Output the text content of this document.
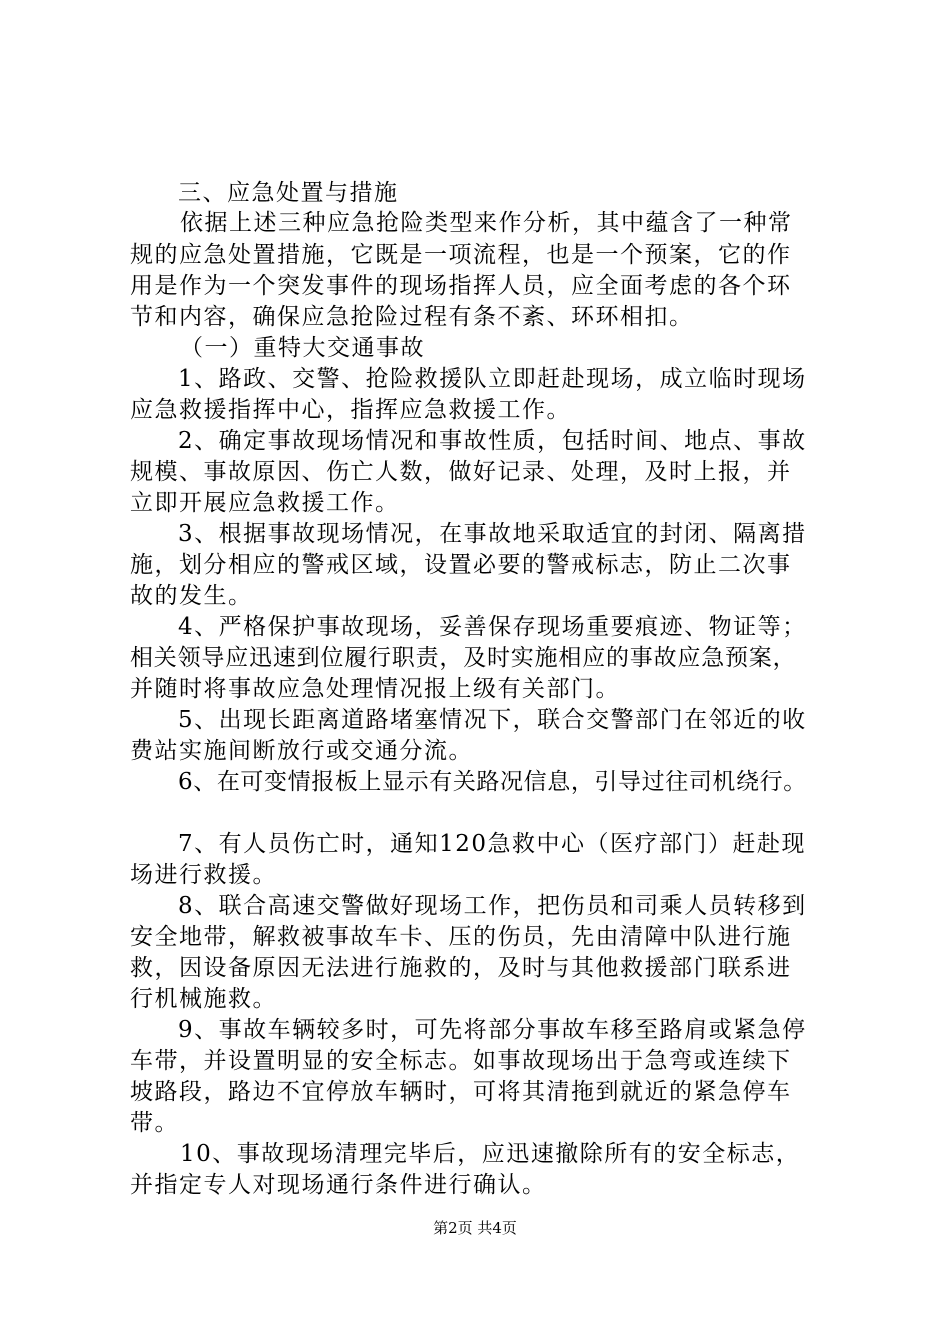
三、应急处置与措施
依据上述三种应急抢险类型来作分析，其中蕴含了一种常
规的应急处置措施，它既是一项流程，也是一个预案，它的作
用是作为一个突发事件的现场指挥人员，应全面考虑的各个环
节和内容，确保应急抢险过程有条不紊、环环相扣。
（一）重特大交通事故
1、路政、交警、抢险救援队立即赶赴现场，成立临时现场
应急救援指挥中心，指挥应急救援工作。
2、确定事故现场情况和事故性质，包括时间、地点、事故
规模、事故原因、伤亡人数，做好记录、处理，及时上报，并
立即开展应急救援工作。
3、根据事故现场情况，在事故地采取适宜的封闭、隔离措
施，划分相应的警戒区域，设置必要的警戒标志，防止二次事
故的发生。
4、严格保护事故现场，妥善保存现场重要痕迹、物证等；
相关领导应迅速到位履行职责，及时实施相应的事故应急预案，
并随时将事故应急处理情况报上级有关部门。
5、出现长距离道路堵塞情况下，联合交警部门在邻近的收
费站实施间断放行或交通分流。
6、在可变情报板上显示有关路况信息，引导过往司机绕行。
7、有人员伤亡时，通知120急救中心（医疗部门）赶赴现
场进行救援。
8、联合高速交警做好现场工作，把伤员和司乘人员转移到
安全地带，解救被事故车卡、压的伤员，先由清障中队进行施
救，因设备原因无法进行施救的，及时与其他救援部门联系进
行机械施救。
9、事故车辆较多时，可先将部分事故车移至路肩或紧急停
车带，并设置明显的安全标志。如事故现场出于急弯或连续下
坡路段，路边不宜停放车辆时，可将其清拖到就近的紧急停车
带。
10、事故现场清理完毕后，应迅速撤除所有的安全标志，
并指定专人对现场通行条件进行确认。
第2页 共4页
